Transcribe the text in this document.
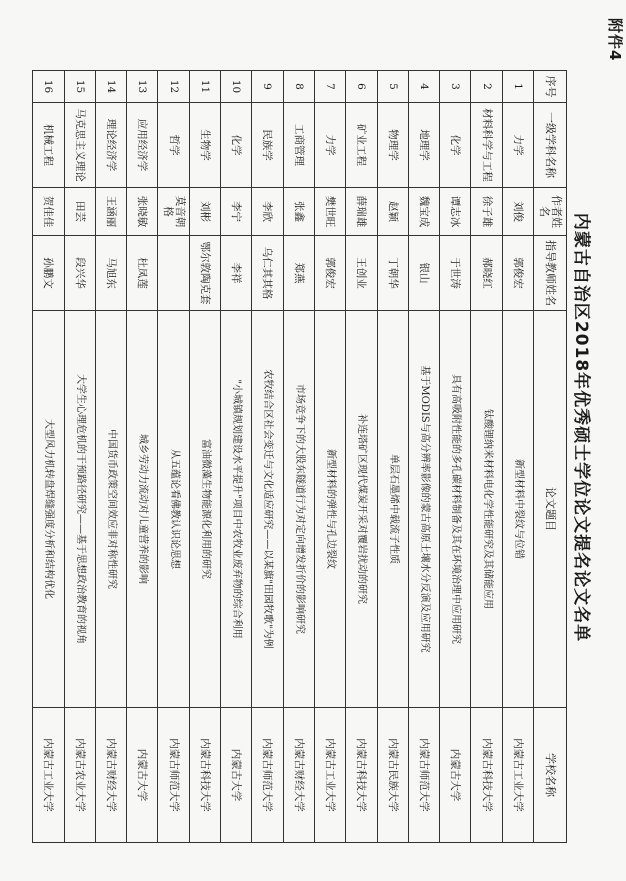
附件4
内蒙古自治区2018年优秀硕士学位论文提名论文名单
序号	一级学科名称	作者姓名	指导教师姓名	论文题目	学校名称
1	力学	刘俊	郭俊宏	新型材料中裂纹与位错	内蒙古工业大学
2	材料科学与工程	徐子雄	郝晓红	钛酸锂纳米材料电化学性能研究及其储能应用	内蒙古科技大学
3	化学	谭志冰	于世涛	具有高吸附性能的多孔碳材料制备及其在环境治理中应用研究	内蒙古大学
4	地理学	魏宝成	银山	基于MODIS与高分辨率影像的蒙古高原土壤水分反演及应用研究	内蒙古师范大学
5	物理学	赵颖	丁朝华	单层石墨烯中载流子性质	内蒙古民族大学
6	矿业工程	薛瑞雄	王创业	补连塔矿区现代煤炭开采对覆岩扰动的研究	内蒙古科技大学
7	力学	樊世旺	郭俊宏	新型材料的弹性与孔边裂纹	内蒙古工业大学
8	工商管理	张鑫	郑燕	市场竞争下的大股东隧道行为对定向增发折价的影响研究	内蒙古财经大学
9	民族学	李欣	乌仁其其格	农牧结合区社会变迁与文化适应研究——以某旗"田园牧歌"为例	内蒙古师范大学
10	化学	李宁	李祥	"小城镇规划建设水平提升"项目中农牧业废弃物的综合利用	内蒙古大学
11	生物学	刘彬	鄂尔敦陶克套	富油微藻生物能源化利用的研究	内蒙古科技大学
12	哲学	莫音朝格		从五蕴论看佛教认识论思想	内蒙古师范大学
13	应用经济学	张晓敏	杜凤莲	城乡劳动力流动对儿童营养的影响	内蒙古大学
14	理论经济学	王涵丽	马旭东	中国货币政策空间效应非对称性研究	内蒙古财经大学
15	马克思主义理论	田芸	段兴华	大学生心理危机的干预路径研究——基于思想政治教育的视角	内蒙古农业大学
16	机械工程	贺佳佳	孙鹏文	大型风力机转盘焊缝强度分析和结构优化	内蒙古工业大学
